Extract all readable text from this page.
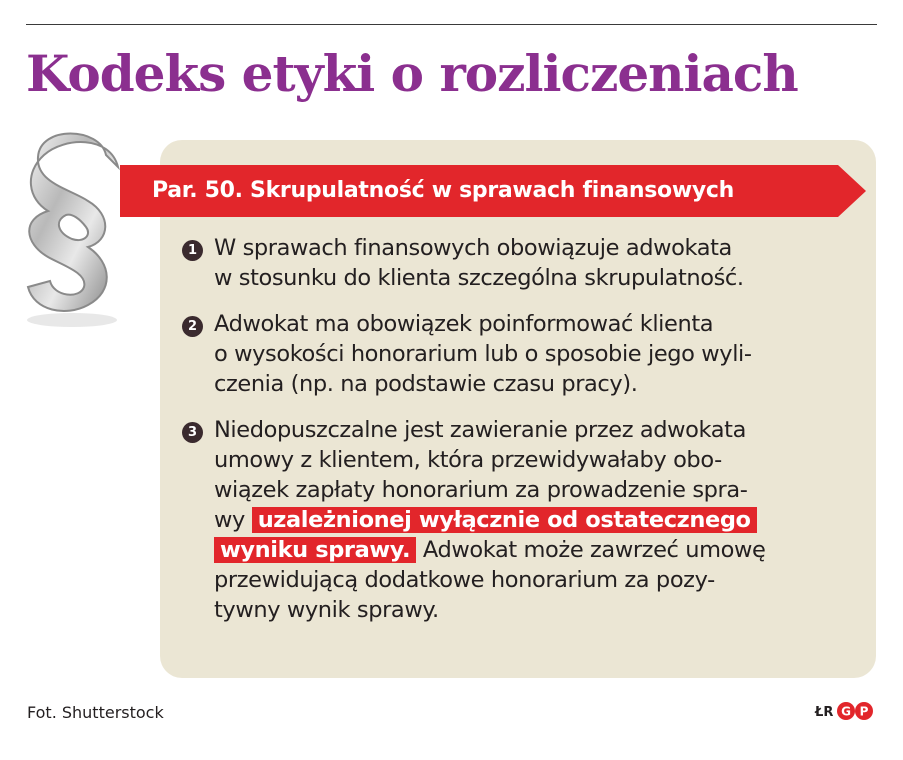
Kodeks etyki o rozliczeniach
Par. 50. Skrupulatność w sprawach finansowych
1 W sprawach finansowych obowiązuje adwokata
w stosunku do klienta szczególna skrupulatność.
2 Adwokat ma obowiązek poinformować klienta
o wysokości honorarium lub o sposobie jego wyli-
czenia (np. na podstawie czasu pracy).
3 Niedopuszczalne jest zawieranie przez adwokata
umowy z klientem, która przewidywałaby obo-
wiązek zapłaty honorarium za prowadzenie spra-
wy uzależnionej wyłącznie od ostatecznego
wyniku sprawy. Adwokat może zawrzeć umowę
przewidującą dodatkowe honorarium za pozy-
tywny wynik sprawy.
Fot. Shutterstock	ŁR G P
